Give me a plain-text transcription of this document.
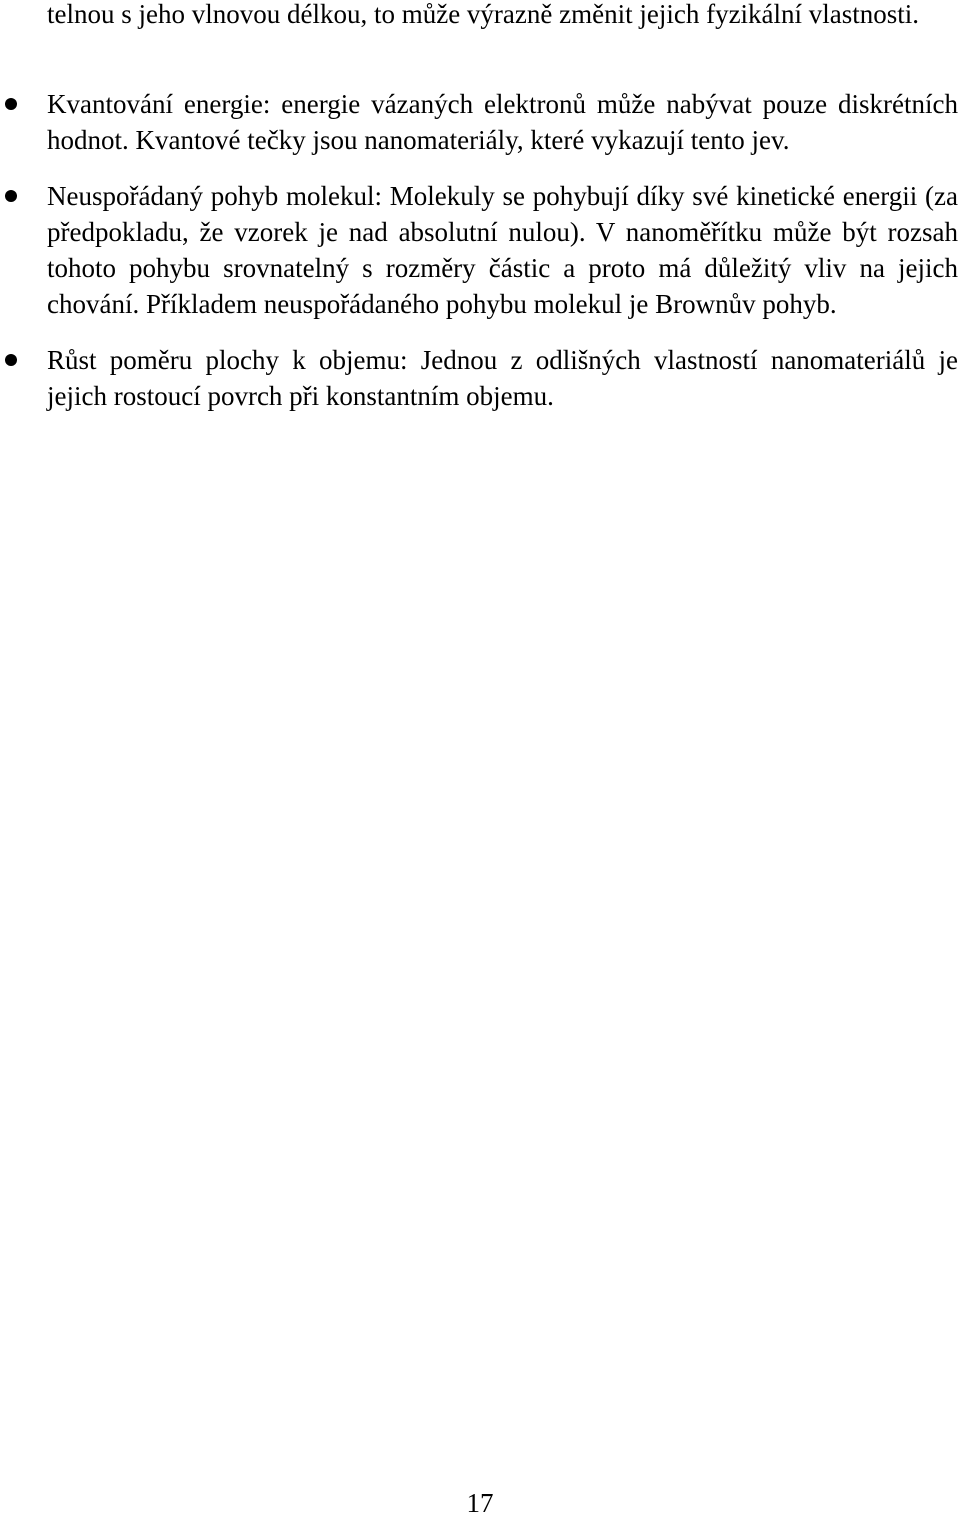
telnou s jeho vlnovou délkou, to může výrazně změnit jejich fyzikální vlastnosti.

Kvantování energie: energie vázaných elektronů může nabývat pouze diskrétních hodnot. Kvantové tečky jsou nanomateriály, které vykazují tento jev.
Neuspořádaný pohyb molekul: Molekuly se pohybují díky své kinetické energii (za předpokladu, že vzorek je nad absolutní nulou). V nanoměřítku může být rozsah tohoto pohybu srovnatelný s rozměry částic a proto má důležitý vliv na jejich chování. Příkladem neuspořádaného pohybu molekul je Brownův pohyb.
Růst poměru plochy k objemu: Jednou z odlišných vlastností nanomateriálů je jejich rostoucí povrch při konstantním objemu.
17
